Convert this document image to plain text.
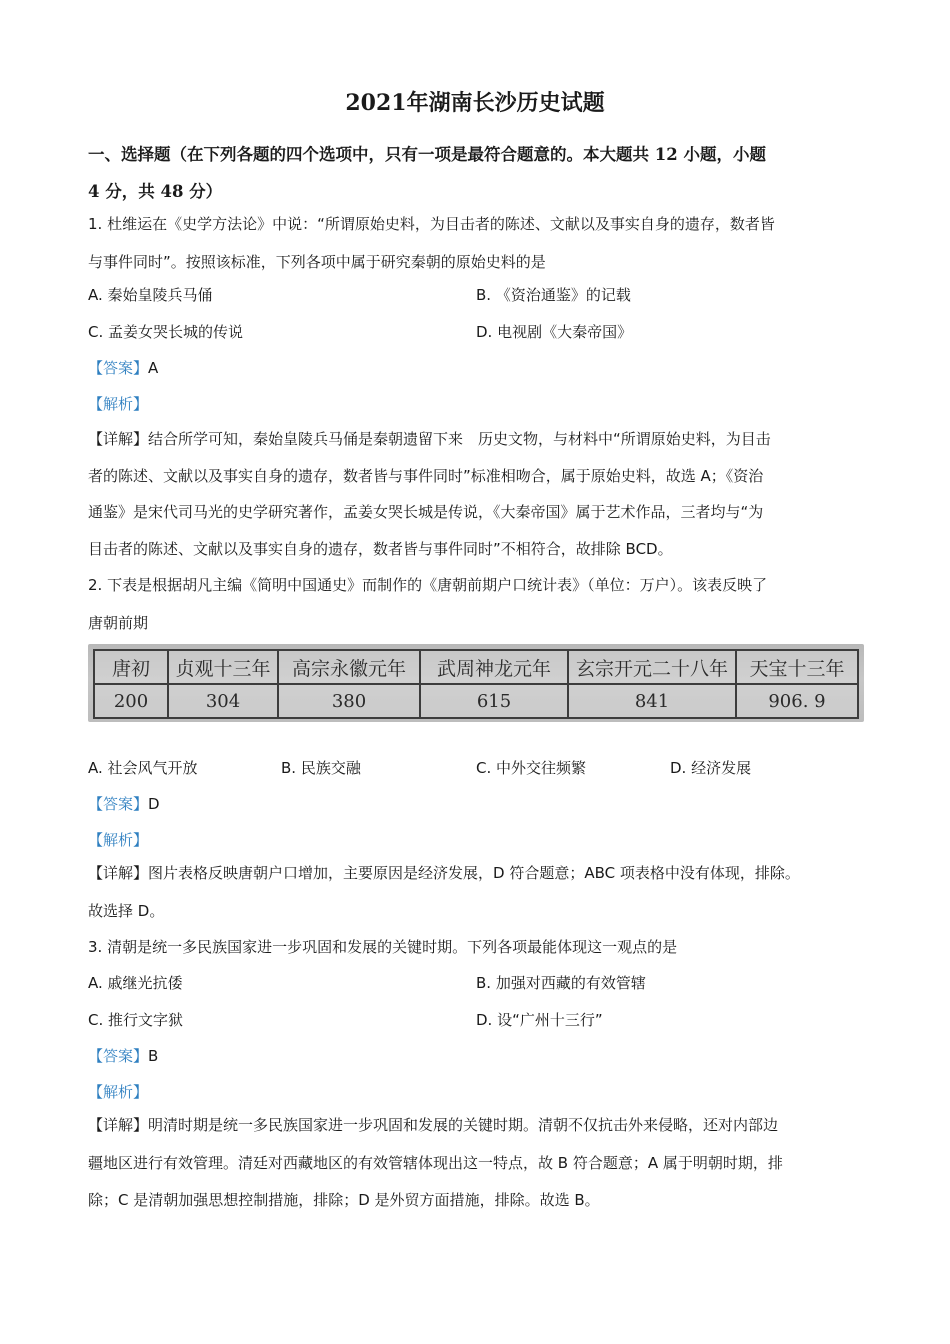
2021年湖南长沙历史试题
一、选择题（在下列各题的四个选项中，只有一项是最符合题意的。本大题共 12 小题，小题
4 分，共 48 分）
1. 杜维运在《史学方法论》中说：“所谓原始史料，为目击者的陈述、文献以及事实自身的遗存，数者皆
与事件同时”。按照该标准，下列各项中属于研究秦朝的原始史料的是
A. 秦始皇陵兵马俑	B. 《资治通鉴》的记载
C. 孟姜女哭长城的传说	D. 电视剧《大秦帝国》
【答案】A
【解析】
【详解】结合所学可知，秦始皇陵兵马俑是秦朝遗留下来　历史文物，与材料中“所谓原始史料，为目击
者的陈述、文献以及事实自身的遗存，数者皆与事件同时”标准相吻合，属于原始史料，故选 A；《资治
通鉴》是宋代司马光的史学研究著作，孟姜女哭长城是传说，《大秦帝国》属于艺术作品，三者均与“为
目击者的陈述、文献以及事实自身的遗存，数者皆与事件同时”不相符合，故排除 BCD。
2. 下表是根据胡凡主编《简明中国通史》而制作的《唐朝前期户口统计表》（单位：万户）。该表反映了
唐朝前期
唐初	贞观十三年	高宗永徽元年	武周神龙元年	玄宗开元二十八年	天宝十三年
200	304	380	615	841	906. 9
A. 社会风气开放	B. 民族交融	C. 中外交往频繁	D. 经济发展
【答案】D
【解析】
【详解】图片表格反映唐朝户口增加，主要原因是经济发展，D 符合题意；ABC 项表格中没有体现，排除。
故选择 D。
3. 清朝是统一多民族国家进一步巩固和发展的关键时期。下列各项最能体现这一观点的是
A. 戚继光抗倭	B. 加强对西藏的有效管辖
C. 推行文字狱	D. 设“广州十三行”
【答案】B
【解析】
【详解】明清时期是统一多民族国家进一步巩固和发展的关键时期。清朝不仅抗击外来侵略，还对内部边
疆地区进行有效管理。清廷对西藏地区的有效管辖体现出这一特点，故 B 符合题意；A 属于明朝时期，排
除；C 是清朝加强思想控制措施，排除；D 是外贸方面措施，排除。故选 B。
